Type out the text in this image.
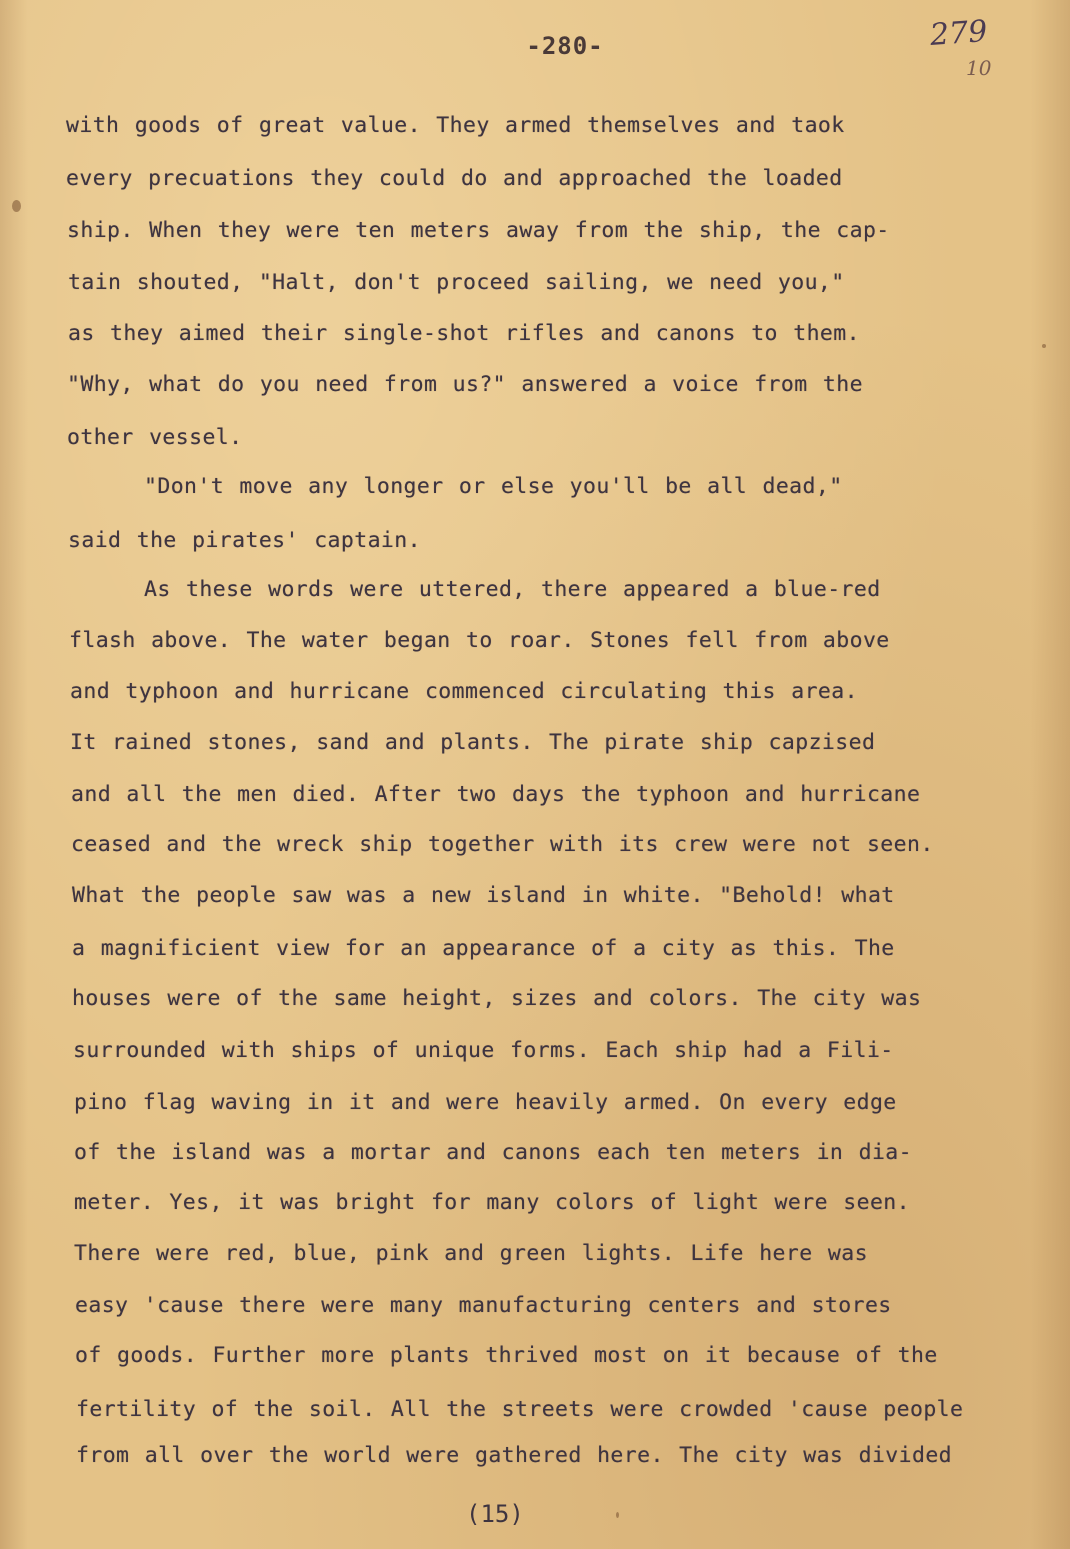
279
10
-280-
with goods of great value. They armed themselves and taok
every precuations they could do and approached the loaded
ship. When they were ten meters away from the ship, the cap-
tain shouted, "Halt, don't proceed sailing, we need you,"
as they aimed their single-shot rifles and canons to them.
"Why, what do you need from us?" answered a voice from the
other vessel.
"Don't move any longer or else you'll be all dead,"
said the pirates' captain.
As these words were uttered, there appeared a blue-red
flash above. The water began to roar. Stones fell from above
and typhoon and hurricane commenced circulating this area.
It rained stones, sand and plants. The pirate ship capzised
and all the men died. After two days the typhoon and hurricane
ceased and the wreck ship together with its crew were not seen.
What the people saw was a new island in white. "Behold! what
a magnificient view for an appearance of a city as this. The
houses were of the same height, sizes and colors. The city was
surrounded with ships of unique forms. Each ship had a Fili-
pino flag waving in it and were heavily armed. On every edge
of the island was a mortar and canons each ten meters in dia-
meter. Yes, it was bright for many colors of light were seen.
There were red, blue, pink and green lights. Life here was
easy 'cause there were many manufacturing centers and stores
of goods. Further more plants thrived most on it because of the
fertility of the soil. All the streets were crowded 'cause people
from all over the world were gathered here. The city was divided
(15)
